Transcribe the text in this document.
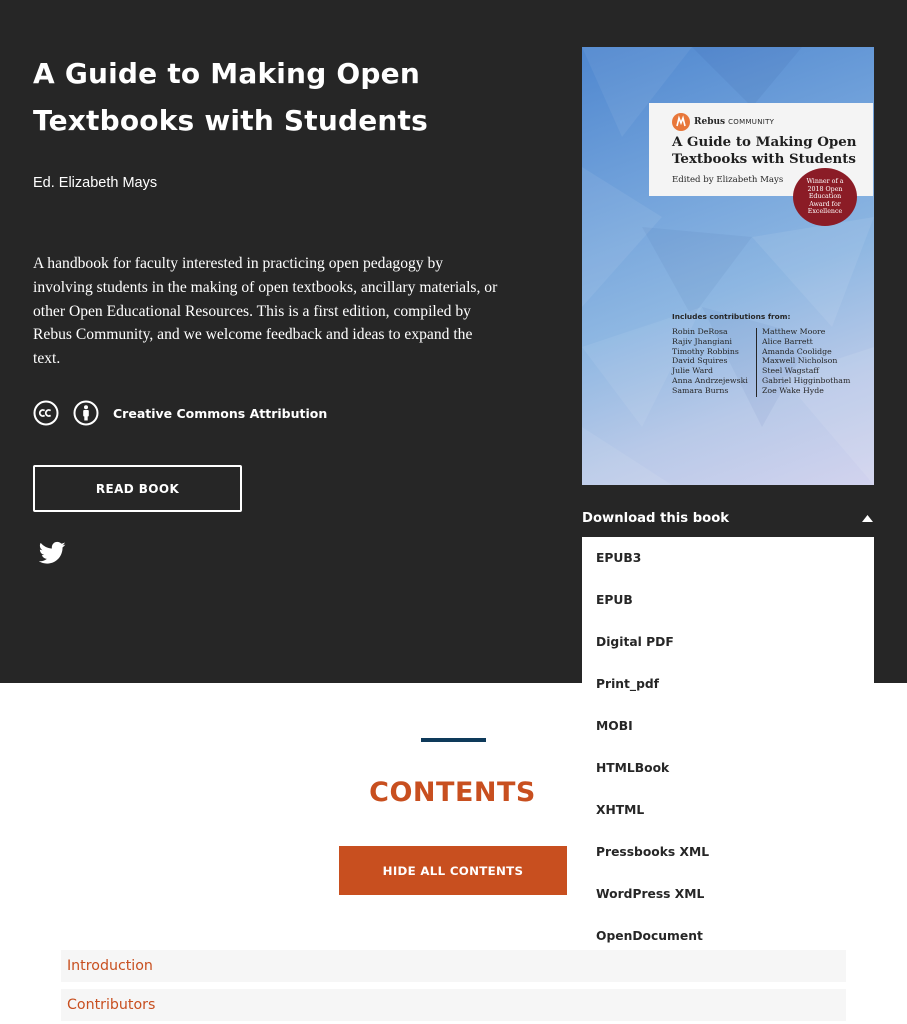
A Guide to Making Open Textbooks with Students

Ed. Elizabeth Mays

A handbook for faculty interested in practicing open pedagogy by involving students in the making of open textbooks, ancillary materials, or other Open Educational Resources. This is a first edition, compiled by Rebus Community, and we welcome feedback and ideas to expand the text.

Creative Commons Attribution
READ BOOK
Rebus COMMUNITY
A Guide to Making Open Textbooks with Students
Edited by Elizabeth Mays	Winner of a 2018 Open Education Award for Excellence
Includes contributions from:
Robin DeRosa
Rajiv Jhangiani
Timothy Robbins
David Squires
Julie Ward
Anna Andrzejewski
Samara Burns
Matthew Moore
Alice Barrett
Amanda Coolidge
Maxwell Nicholson
Steel Wagstaff
Gabriel Higginbotham
Zoe Wake Hyde
Download this book
EPUB3
EPUB
Digital PDF
Print_pdf
MOBI
HTMLBook
XHTML
Pressbooks XML
WordPress XML
OpenDocument
CONTENTS
HIDE ALL CONTENTS
Introduction
Contributors
